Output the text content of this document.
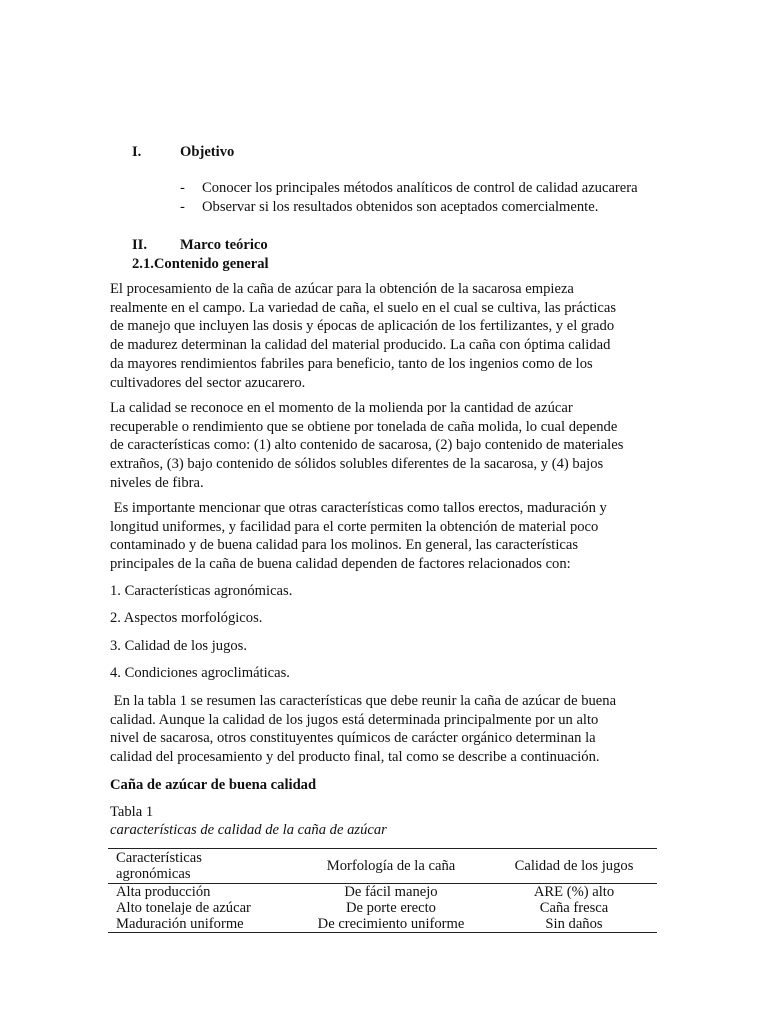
I.	Objetivo
- Conocer los principales métodos analíticos de control de calidad azucarera
- Observar si los resultados obtenidos son aceptados comercialmente.
II. Marco teórico
2.1.Contenido general
El procesamiento de la caña de azúcar para la obtención de la sacarosa empieza
realmente en el campo. La variedad de caña, el suelo en el cual se cultiva, las prácticas
de manejo que incluyen las dosis y épocas de aplicación de los fertilizantes, y el grado
de madurez determinan la calidad del material producido. La caña con óptima calidad
da mayores rendimientos fabriles para beneficio, tanto de los ingenios como de los
cultivadores del sector azucarero.
La calidad se reconoce en el momento de la molienda por la cantidad de azúcar
recuperable o rendimiento que se obtiene por tonelada de caña molida, lo cual depende
de características como: (1) alto contenido de sacarosa, (2) bajo contenido de materiales
extraños, (3) bajo contenido de sólidos solubles diferentes de la sacarosa, y (4) bajos
niveles de fibra.
Es importante mencionar que otras características como tallos erectos, maduración y
longitud uniformes, y facilidad para el corte permiten la obtención de material poco
contaminado y de buena calidad para los molinos. En general, las características
principales de la caña de buena calidad dependen de factores relacionados con:
1. Características agronómicas.
2. Aspectos morfológicos.
3. Calidad de los jugos.
4. Condiciones agroclimáticas.
En la tabla 1 se resumen las características que debe reunir la caña de azúcar de buena
calidad. Aunque la calidad de los jugos está determinada principalmente por un alto
nivel de sacarosa, otros constituyentes químicos de carácter orgánico determinan la
calidad del procesamiento y del producto final, tal como se describe a continuación.
Caña de azúcar de buena calidad
Tabla 1
características de calidad de la caña de azúcar
Características
agronómicas	Morfología de la caña	Calidad de los jugos
Alta producción	De fácil manejo	ARE (%) alto
Alto tonelaje de azúcar	De porte erecto	Caña fresca
Maduración uniforme	De crecimiento uniforme	Sin daños
